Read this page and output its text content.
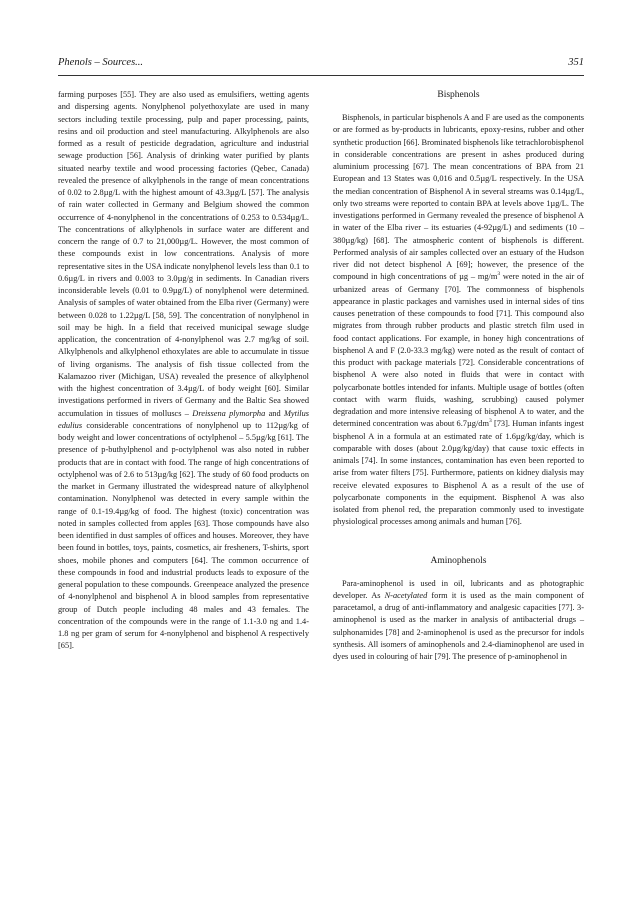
Phenols – Sources...	351

farming purposes [55]. They are also used as emulsifiers, wetting agents and dispersing agents. Nonylphenol polyethoxylate are used in many sectors including textile processing, pulp and paper processing, paints, resins and oil production and steel manufacturing. Alkylphenols are also formed as a result of pesticide degradation, agriculture and industrial sewage production [56]. Analysis of drinking water purified by plants situated nearby textile and wood processing factories (Qebec, Canada) revealed the presence of alkylphenols in the range of mean concentrations of 0.02 to 2.8µg/L with the highest amount of 43.3µg/L [57]. The analysis of rain water collected in Germany and Belgium showed the common occurrence of 4-nonylphenol in the concentrations of 0.253 to 0.534µg/L. The concentrations of alkylphenols in surface water are different and concern the range of 0.7 to 21,000µg/L. However, the most common of these compounds exist in low concentrations. Analysis of more representative sites in the USA indicate nonylphenol levels less than 0.1 to 0.6µg/L in rivers and 0.003 to 3.0µg/g in sediments. In Canadian rivers inconsiderable levels (0.01 to 0.9µg/L) of nonylphenol were determined. Analysis of samples of water obtained from the Elba river (Germany) were between 0.028 to 1.22µg/L [58, 59]. The concentration of nonylphenol in soil may be high. In a field that received municipal sewage sludge application, the concentration of 4-nonylphenol was 2.7 mg/kg of soil. Alkylphenols and alkylphenol ethoxylates are able to accumulate in tissue of living organisms. The analysis of fish tissue collected from the Kalamazoo river (Michigan, USA) revealed the presence of alkylphenol with the highest concentration of 3.4µg/L of body weight [60]. Similar investigations performed in rivers of Germany and the Baltic Sea showed accumulation in tissues of molluscs – Dreissena plymorpha and Mytilus edulius considerable concentrations of nonylphenol up to 112µg/kg of body weight and lower concentrations of octylphenol – 5.5µg/kg [61]. The presence of p-buthylphenol and p-octylphenol was also noted in rubber products that are in contact with food. The range of high concentrations of octylphenol was of 2.6 to 513µg/kg [62]. The study of 60 food products on the market in Germany illustrated the widespread nature of alkylphenol contamination. Nonylphenol was detected in every sample within the range of 0.1-19.4µg/kg of food. The highest (toxic) concentration was noted in samples collected from apples [63]. Those compounds have also been identified in dust samples of offices and houses. Moreover, they have been found in bottles, toys, paints, cosmetics, air fresheners, T-shirts, sport shoes, mobile phones and computers [64]. The common occurrence of these compounds in food and industrial products leads to exposure of the general population to these compounds. Greenpeace analyzed the presence of 4-nonylphenol and bisphenol A in blood samples from representative group of Dutch people including 48 males and 43 females. The concentration of the compounds were in the range of 1.1-3.0 ng and 1.4-1.8 ng per gram of serum for 4-nonylphenol and bisphenol A respectively [65].

Bisphenols

Bisphenols, in particular bisphenols A and F are used as the components or are formed as by-products in lubricants, epoxy-resins, rubber and other synthetic production [66]. Brominated bisphenols like tetrachlorobisphenol in considerable concentrations are present in ashes produced during aluminium processing [67]. The mean concentrations of BPA from 21 European and 13 States was 0,016 and 0.5µg/L respectively. In the USA the median concentration of Bisphenol A in several streams was 0.14µg/L, only two streams were reported to contain BPA at levels above 1µg/L. The investigations performed in Germany revealed the presence of bisphenol A in water of the Elba river – its estuaries (4-92µg/L) and sediments (10 – 380µg/kg) [68]. The atmospheric content of bisphenols is different. Performed analysis of air samples collected over an estuary of the Hudson river did not detect bisphenol A [69]; however, the presence of the compound in high concentrations of µg – $mg/m^3$ were noted in the air of urbanized areas of Germany [70]. The commonness of bisphenols appearance in plastic packages and varnishes used in internal sides of tins causes penetration of these compounds to food [71]. This compound also migrates from through rubber products and plastic stretch film used in food contact applications. For example, in honey high concentrations of bisphenol A and F (2.0-33.3 mg/kg) were noted as the result of contact of this product with package materials [72]. Considerable concentrations of bisphenol A were also noted in fluids that were in contact with polycarbonate bottles intended for infants. Multiple usage of bottles (often contact with warm fluids, washing, scrubbing) caused polymer degradation and more intensive releasing of bisphenol A to water, and the determined concentration was about $6.7\mu g/dm^3$ [73]. Human infants ingest bisphenol A in a formula at an estimated rate of 1.6µg/kg/day, which is comparable with doses (about 2.0µg/kg/day) that cause toxic effects in animals [74]. In some instances, contamination has even been reported to arise from water filters [75]. Furthermore, patients on kidney dialysis may receive elevated exposures to Bisphenol A as a result of the use of polycarbonate components in the equipment. Bisphenol A was also isolated from phenol red, the preparation commonly used to investigate physiological processes among animals and human [76].

Aminophenols

Para-aminophenol is used in oil, lubricants and as photographic developer. As N-acetylated form it is used as the main component of paracetamol, a drug of anti-inflammatory and analgesic capacities [77]. 3-aminophenol is used as the marker in analysis of antibacterial drugs – sulphonamides [78] and 2-aminophenol is used as the precursor for indols synthesis. All isomers of aminophenols and 2.4-diaminophenol are used in dyes used in colouring of hair [79]. The presence of p-aminophenol in
